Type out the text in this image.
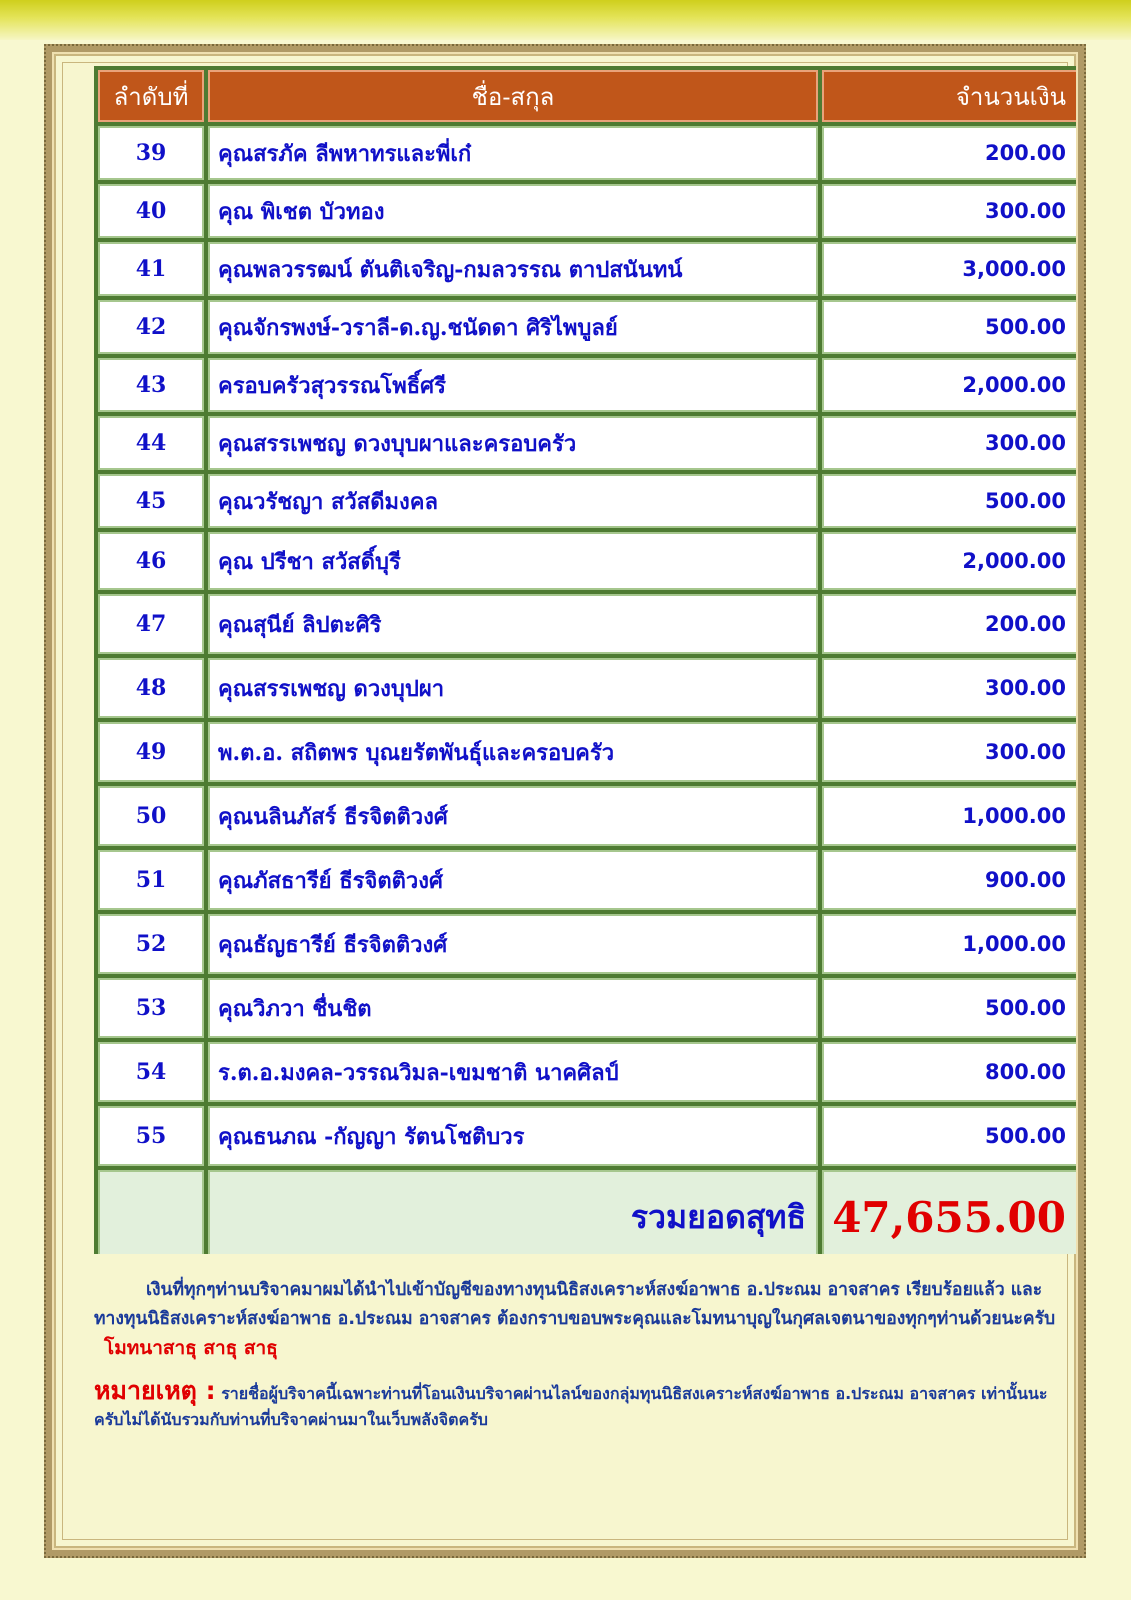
ลำดับที่	ชื่อ-สกุล	จำนวนเงิน
39	คุณสรภัค ลีพหาทรและพี่เก๋	200.00
40	คุณ พิเชต บัวทอง	300.00
41	คุณพลวรรฒน์ ตันติเจริญ-กมลวรรณ ตาปสนันทน์	3,000.00
42	คุณจักรพงษ์-วราลี-ด.ญ.ชนัดดา ศิริไพบูลย์	500.00
43	ครอบครัวสุวรรณโพธิ์ศรี	2,000.00
44	คุณสรรเพชญ ดวงบุบผาและครอบครัว	300.00
45	คุณวรัชญา สวัสดีมงคล	500.00
46	คุณ ปรีชา สวัสดิ์บุรี	2,000.00
47	คุณสุนีย์ ลิปตะศิริ	200.00
48	คุณสรรเพชญ ดวงบุปผา	300.00
49	พ.ต.อ. สถิตพร บุณยรัตพันธุ์และครอบครัว	300.00
50	คุณนลินภัสร์ ธีรจิตติวงศ์	1,000.00
51	คุณภัสธารีย์ ธีรจิตติวงศ์	900.00
52	คุณธัญธารีย์ ธีรจิตติวงศ์	1,000.00
53	คุณวิภวา ชื่นชิต	500.00
54	ร.ต.อ.มงคล-วรรณวิมล-เขมชาติ นาคศิลป์	800.00
55	คุณธนภณ -กัญญา รัตนโชติบวร	500.00
	รวมยอดสุทธิ	47,655.00

เงินที่ทุกๆท่านบริจาคมาผมได้นำไปเข้าบัญชีของทางทุนนิธิสงเคราะห์สงฆ์อาพาธ อ.ประณม อาจสาคร เรียบร้อยแล้ว และทางทุนนิธิสงเคราะห์สงฆ์อาพาธ อ.ประณม อาจสาคร ต้องกราบขอบพระคุณและโมทนาบุญในกุศลเจตนาของทุกๆท่านด้วยนะครับโมทนาสาธุ สาธุ สาธุ

หมายเหตุ : รายชื่อผู้บริจาคนี้เฉพาะท่านที่โอนเงินบริจาคผ่านไลน์ของกลุ่มทุนนิธิสงเคราะห์สงฆ์อาพาธ อ.ประณม อาจสาคร เท่านั้นนะครับไม่ได้นับรวมกับท่านที่บริจาคผ่านมาในเว็บพลังจิตครับ
